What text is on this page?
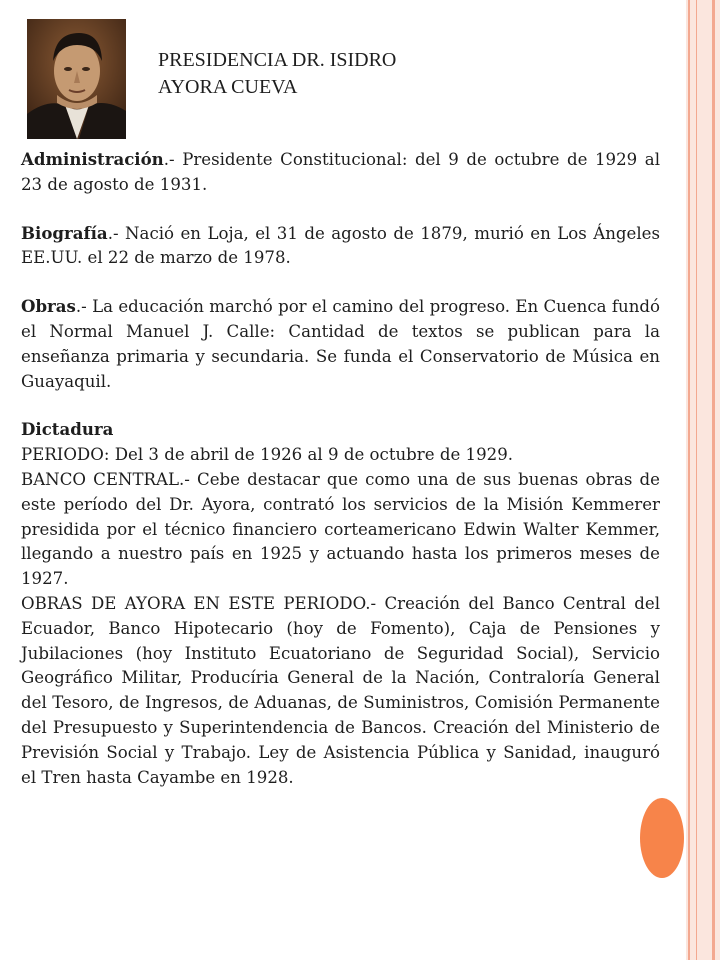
PRESIDENCIA DR. ISIDRO
AYORA CUEVA

Administración.- Presidente Constitucional: del 9 de octubre de 1929 al 23 de agosto de 1931.

Biografía.- Nació en Loja, el 31 de agosto de 1879, murió en Los Ángeles EE.UU. el 22 de marzo de 1978.

Obras.- La educación marchó por el camino del progreso. En Cuenca fundó el Normal Manuel J. Calle: Cantidad de textos se publican para la enseñanza primaria y secundaria. Se funda el Conservatorio de Música en Guayaquil.

Dictadura

PERIODO: Del 3 de abril de 1926 al 9 de octubre de 1929.

BANCO CENTRAL.- Cebe destacar que como una de sus buenas obras de este período del Dr. Ayora, contrató los servicios de la Misión Kemmerer presidida por el técnico financiero corteamericano Edwin Walter Kemmer, llegando a nuestro país en 1925 y actuando hasta los primeros meses de 1927.

OBRAS DE AYORA EN ESTE PERIODO.- Creación del Banco Central del Ecuador, Banco Hipotecario (hoy de Fomento), Caja de Pensiones y Jubilaciones (hoy Instituto Ecuatoriano de Seguridad Social), Servicio Geográfico Militar, Producíria General de la Nación, Contraloría General del Tesoro, de Ingresos, de Aduanas, de Suministros, Comisión Permanente del Presupuesto y Superintendencia de Bancos. Creación del Ministerio de Previsión Social y Trabajo. Ley de Asistencia Pública y Sanidad, inauguró el Tren hasta Cayambe en 1928.
